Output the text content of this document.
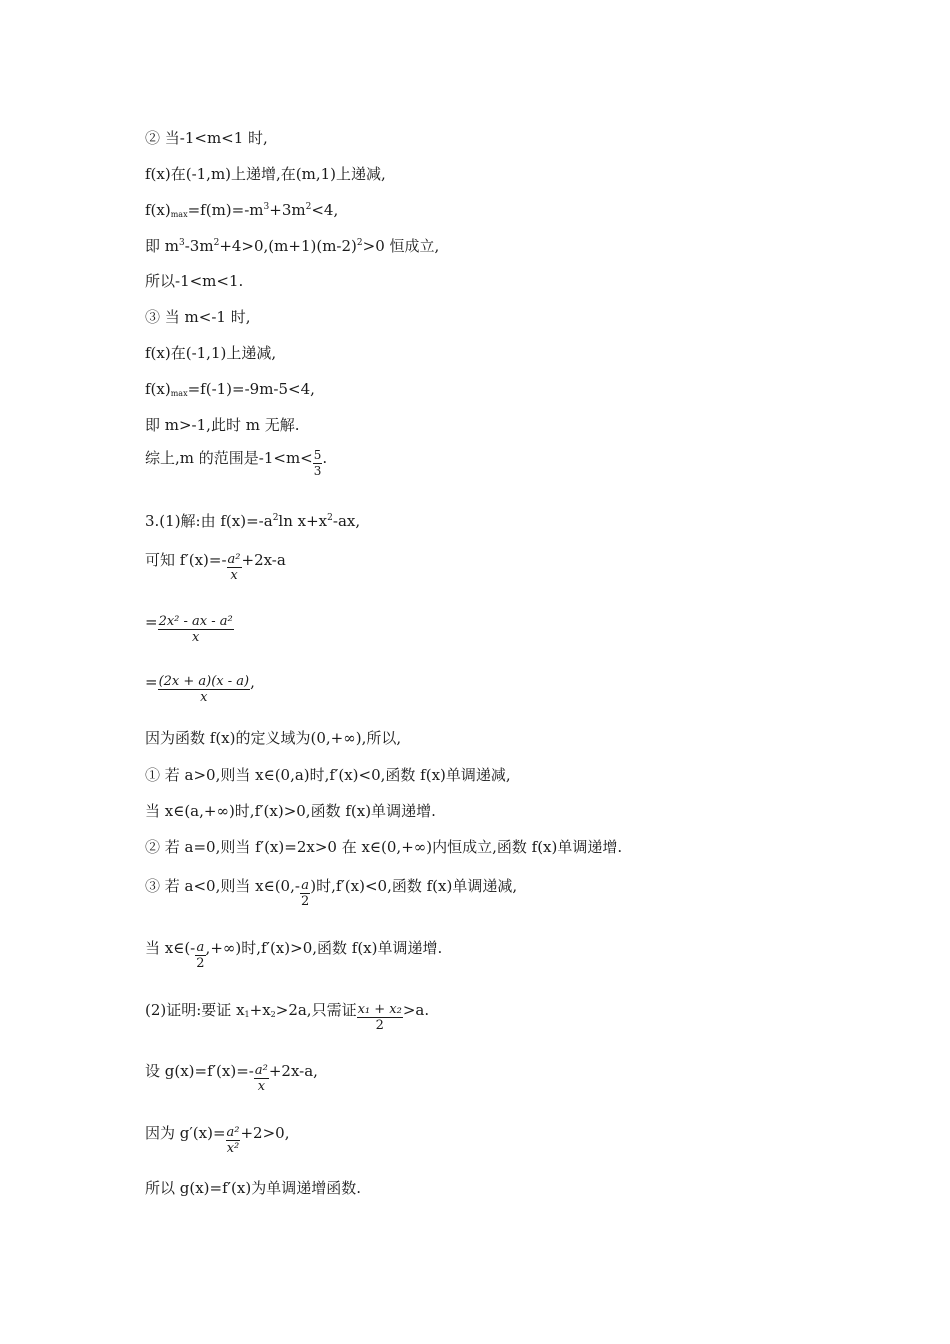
② 当-1<m<1 时,
f(x)在(-1,m)上递增,在(m,1)上递减,
$f(x)_{max}=f(m)=-m^3+3m^2<4$,
即 $m^3-3m^2+4>0,(m+1)(m-2)^2>0$ 恒成立,
所以-1<m<1.
③ 当 m<-1 时,
f(x)在(-1,1)上递减,
$f(x)_{max}=f(-1)=-9m-5<4$,
即 m>-1,此时 m 无解.
综上,m 的范围是$-1<m< \frac{5}{3}$ .
3.(1)解:由 $f(x)=-a^2\ln$ $x+x^2-ax$,
可知 $f'(x)=- \frac{\text{a²}}{x} +2x-a$
= $\frac{\text{2x² - ax - a²}}{x}$
= $\frac{(2x + a)(x - a)}{x}$ ,
因为函数 f(x)的定义域为(0,+∞),所以,
① 若 a>0,则当 x∈(0,a)时,f′(x)<0,函数 f(x)单调递减,
当 x∈(a,+∞)时,f′(x)>0,函数 f(x)单调递增.
② 若 a=0,则当 f′(x)=2x>0 在 x∈(0,+∞)内恒成立,函数 f(x)单调递增.
③ 若 a<0,则当 x∈(0,- $\frac{a}{2}$ )时,f′(x)<0,函数 f(x)单调递减,
当 x∈(- $\frac{a}{2}$ ,+∞)时,f′(x)>0,函数 f(x)单调递增.
(2)证明:要证 $x_1+x_2>2a$,只需证 $\frac{\text{x₁ + x₂}}{2} >a$.
设 $g(x)=f'(x)=- \frac{\text{a²}}{x} +2x-a$,
因为 $g'(x)= \frac{\text{a²}}{\text{x²}} +2>0$,
所以 g(x)=f′(x)为单调递增函数.
